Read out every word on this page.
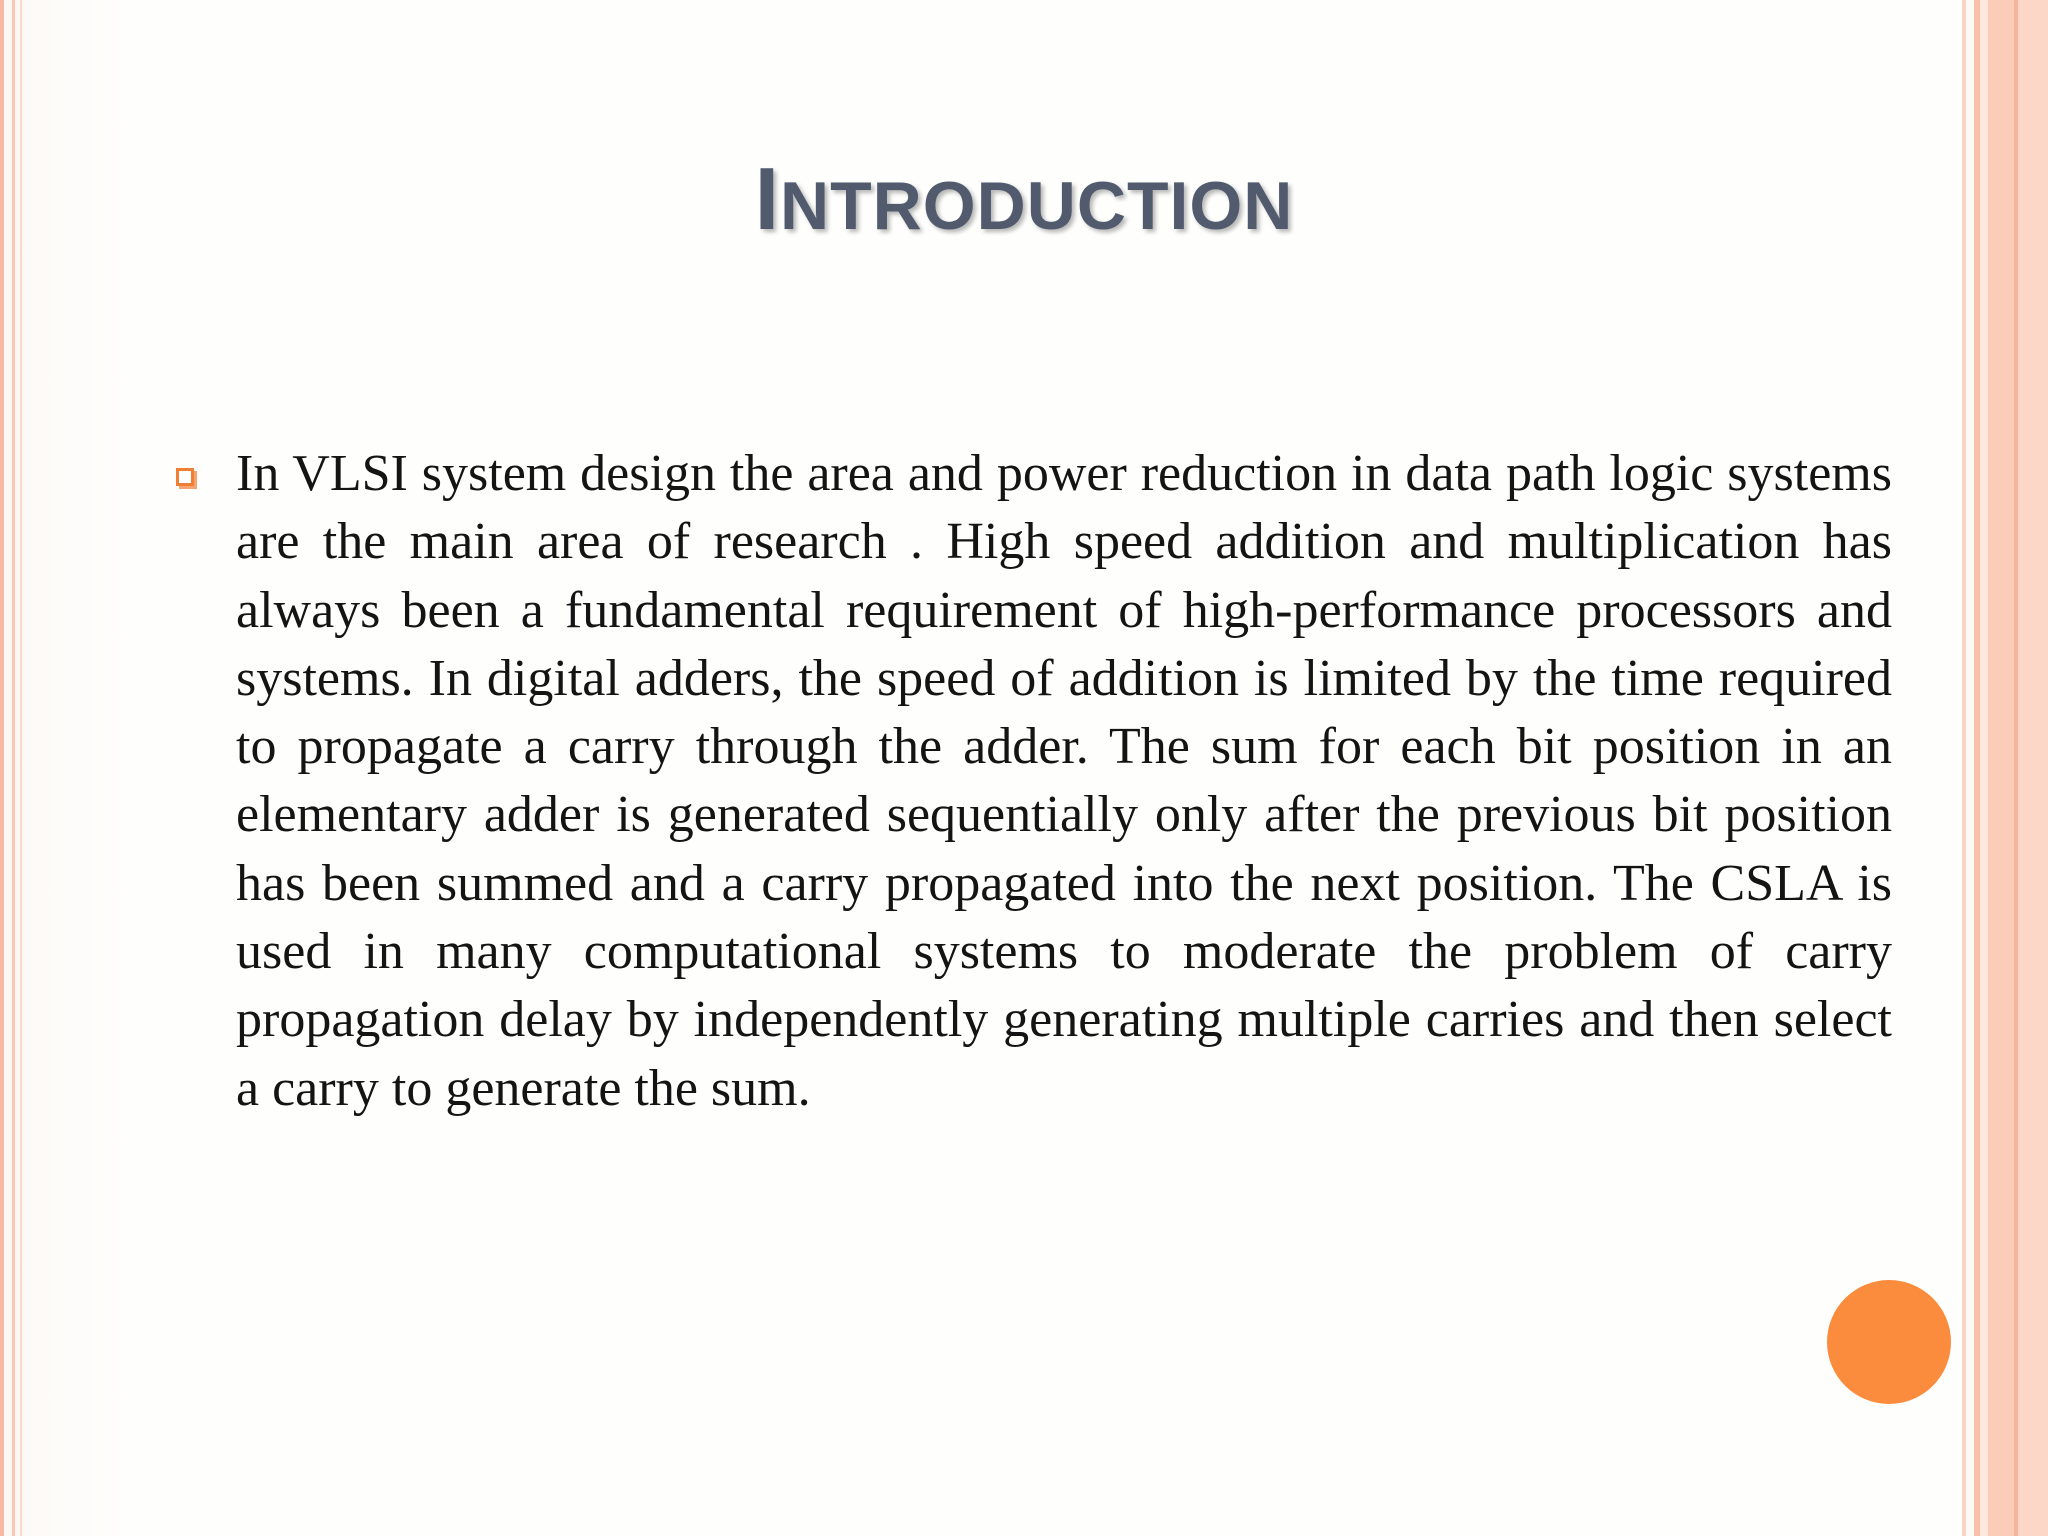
INTRODUCTION

In VLSI system design the area and power reduction in data path logic systems are the main area of research . High speed addition and multiplication has always been a fundamental requirement of high-performance processors and systems. In digital adders, the speed of addition is limited by the time required to propagate a carry through the adder. The sum for each bit position in an elementary adder is generated sequentially only after the previous bit position has been summed and a carry propagated into the next position. The CSLA is used in many computational systems to moderate the problem of carry propagation delay by independently generating multiple carries and then select a carry to generate the sum.
